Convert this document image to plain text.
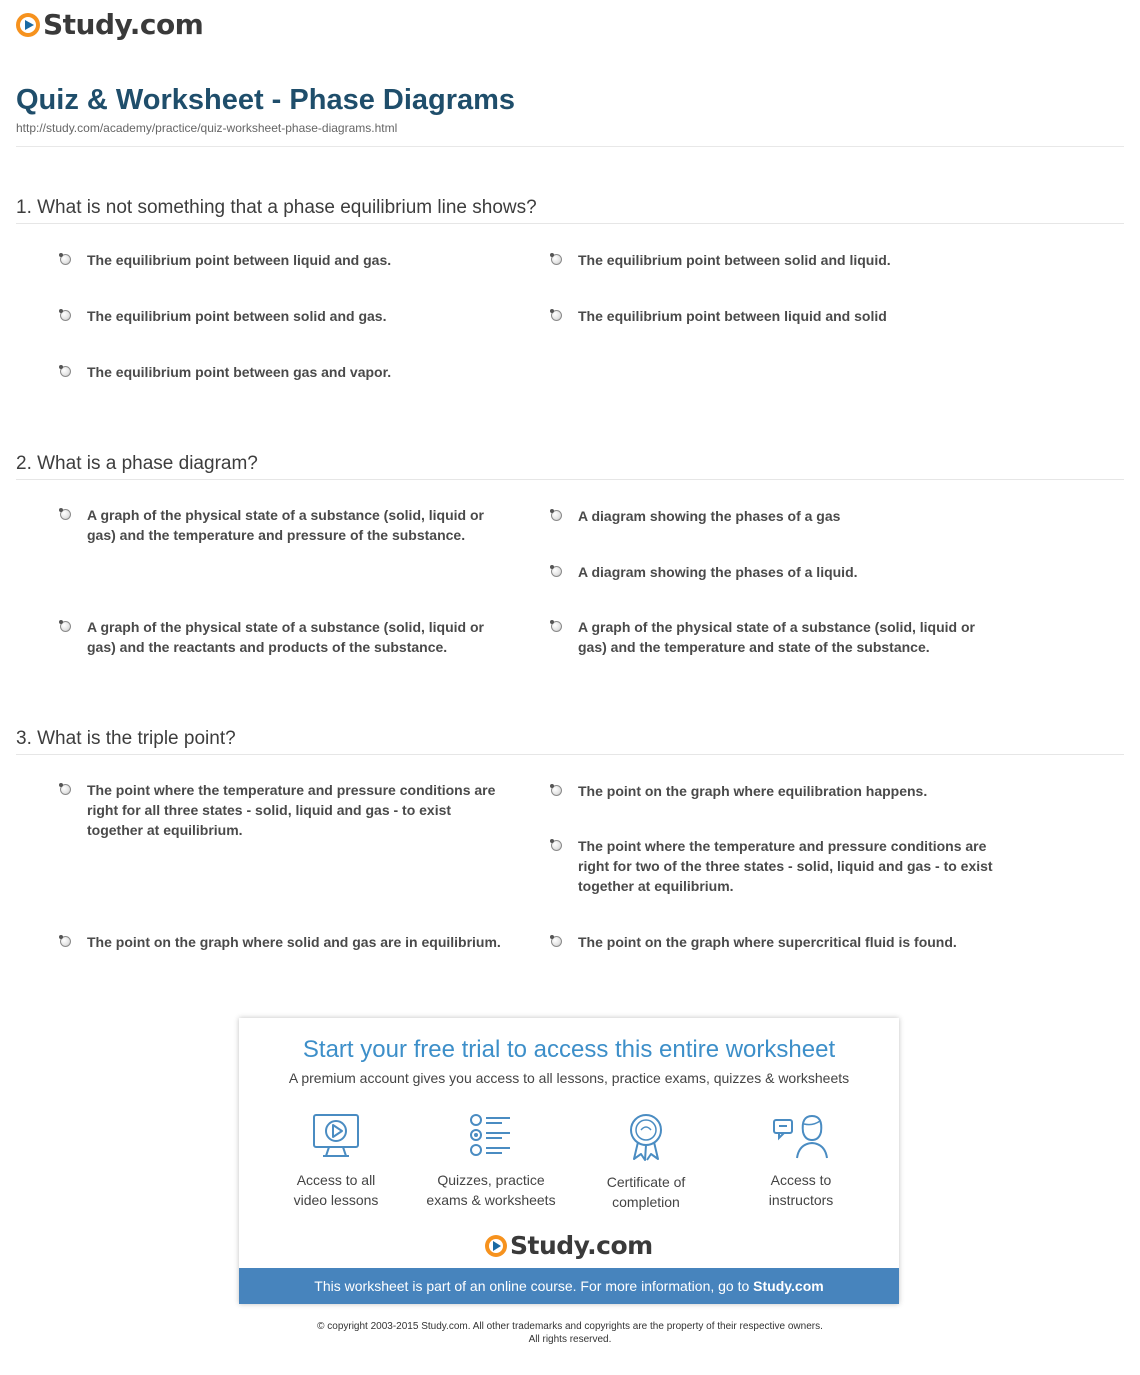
Study.com
Quiz & Worksheet - Phase Diagrams
http://study.com/academy/practice/quiz-worksheet-phase-diagrams.html
1. What is not something that a phase equilibrium line shows?
The equilibrium point between liquid and gas.	The equilibrium point between solid and liquid.
The equilibrium point between solid and gas.	The equilibrium point between liquid and solid
The equilibrium point between gas and vapor.
2. What is a phase diagram?
A graph of the physical state of a substance (solid, liquid or gas) and the temperature and pressure of the substance.
A diagram showing the phases of a gas
A diagram showing the phases of a liquid.
A graph of the physical state of a substance (solid, liquid or gas) and the reactants and products of the substance.
A graph of the physical state of a substance (solid, liquid or gas) and the temperature and state of the substance.
3. What is the triple point?
The point where the temperature and pressure conditions are right for all three states - solid, liquid and gas - to exist together at equilibrium.
The point on the graph where equilibration happens.
The point where the temperature and pressure conditions are right for two of the three states - solid, liquid and gas - to exist together at equilibrium.
The point on the graph where solid and gas are in equilibrium.	The point on the graph where supercritical fluid is found.
Start your free trial to access this entire worksheet
A premium account gives you access to all lessons, practice exams, quizzes & worksheets
Access to all
video lessons
Quizzes, practice
exams & worksheets
Certificate of
completion
Access to
instructors
Study.com
This worksheet is part of an online course. For more information, go to Study.com
© copyright 2003-2015 Study.com. All other trademarks and copyrights are the property of their respective owners.
All rights reserved.
